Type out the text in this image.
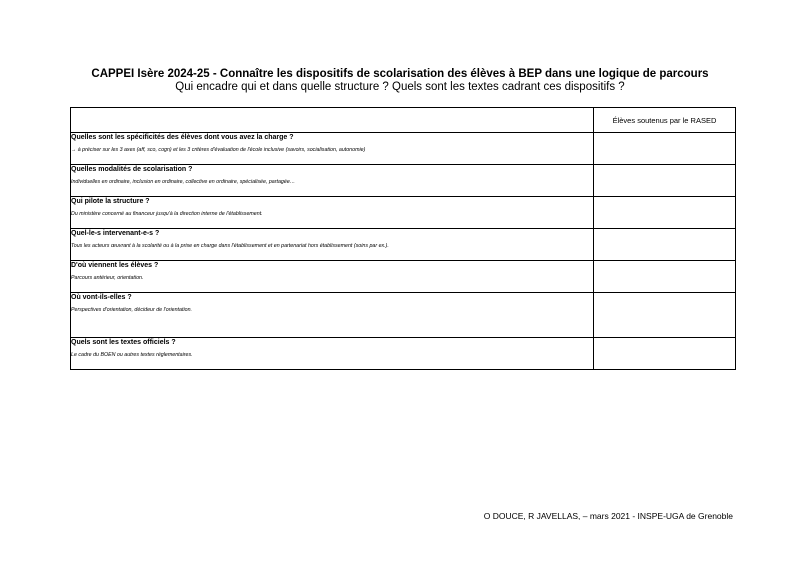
CAPPEI Isère 2024-25 - Connaître les dispositifs de scolarisation des élèves à BEP dans une logique de parcours
Qui encadre qui et dans quelle structure ? Quels sont les textes cadrant ces dispositifs ?
	Élèves soutenus par le RASED

Quelles sont les spécificités des élèves dont vous avez la charge ?
→ à préciser sur les 3 axes (aff, sco, cogn) et les 3 critères d'évaluation de l'école inclusive (savoirs, socialisation, autonomie)	

Quelles modalités de scolarisation ?
Individuelles en ordinaire, inclusion en ordinaire, collective en ordinaire, spécialisée, partagée…	

Qui pilote la structure ?
Du ministère concerné au financeur jusqu'à la direction interne de l'établissement.	

Quel-le-s intervenant-e-s ?
Tous les acteurs œuvrant à la scolarité ou à la prise en charge dans l'établissement et en partenariat hors établissement (soins par ex.).	

D'où viennent les élèves ?
Parcours antérieur, orientation.	

Où vont-ils-elles ?
Perspectives d'orientation, décideur de l'orientation.	

Quels sont les textes officiels ?
Le cadre du BOEN ou autres textes réglementaires.	

O DOUCE, R JAVELLAS, – mars 2021 - INSPE-UGA de Grenoble
